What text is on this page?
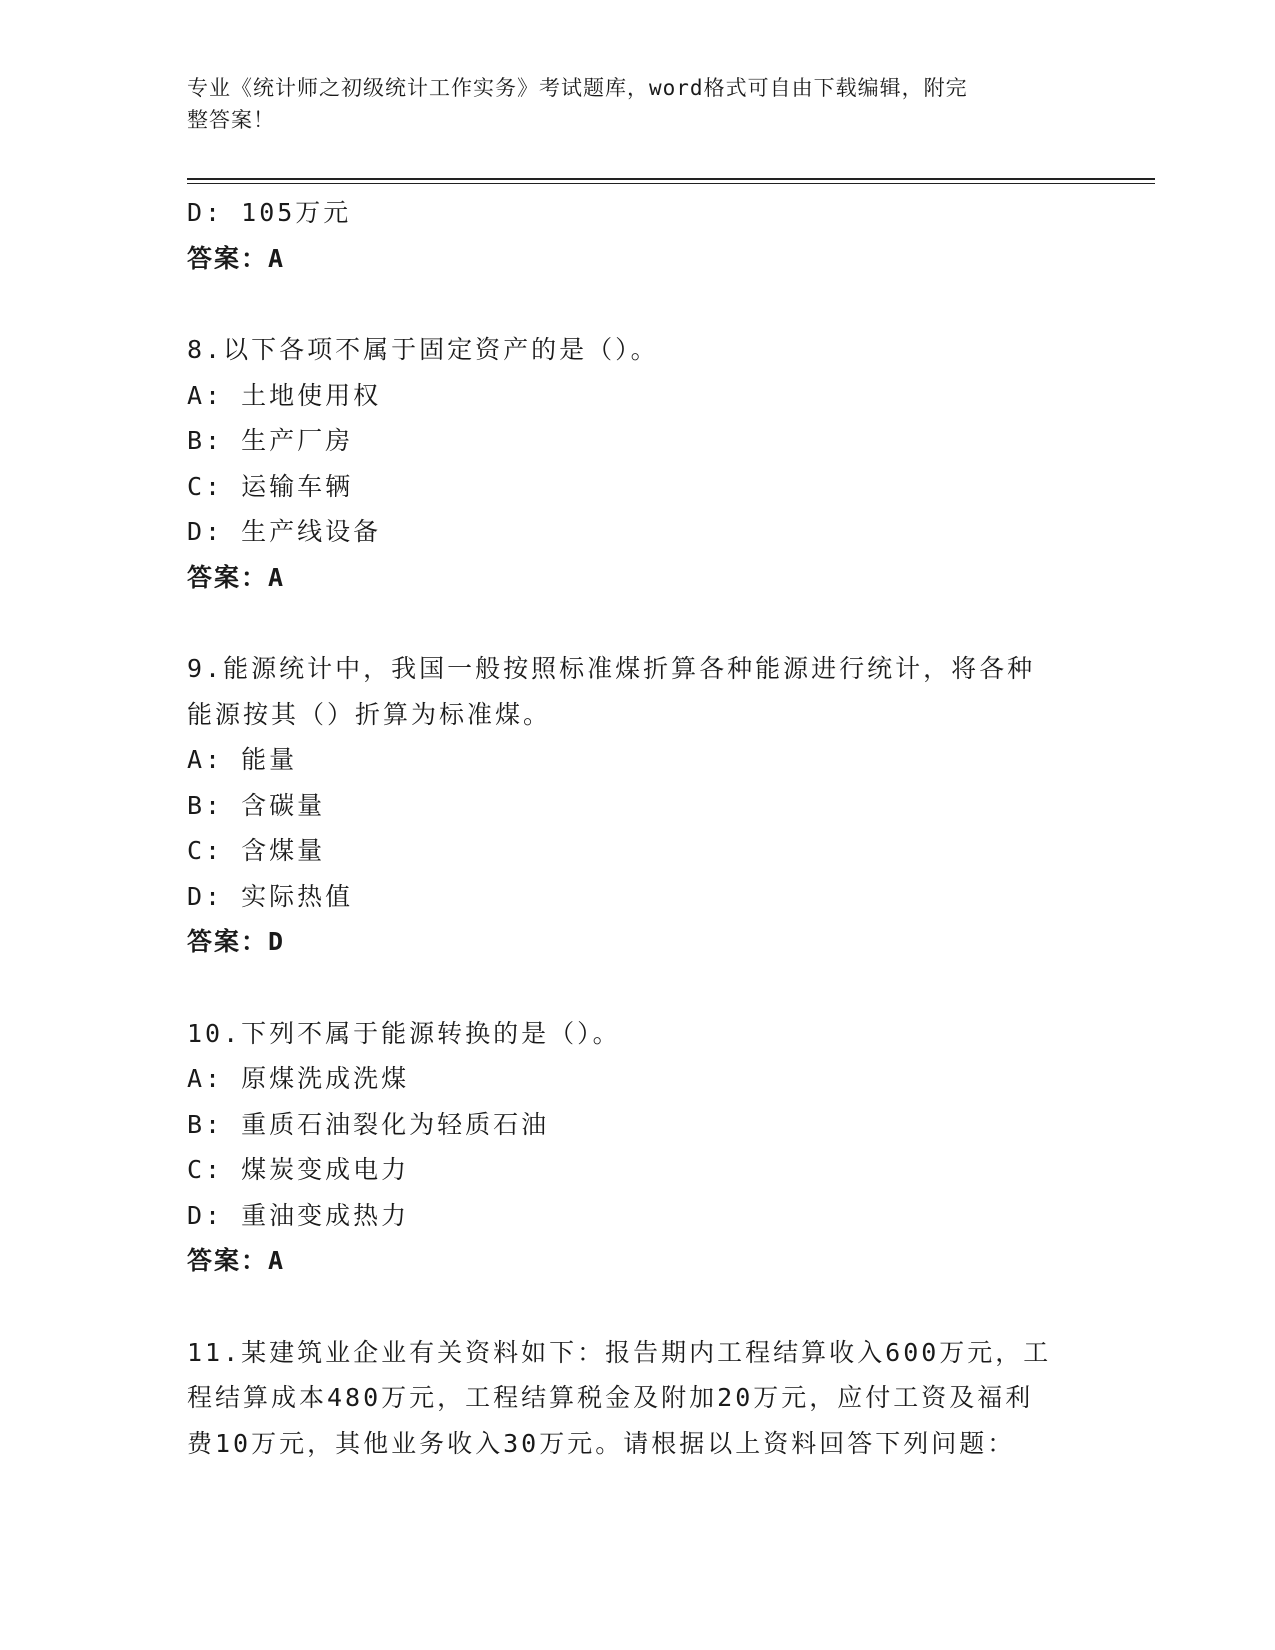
专业《统计师之初级统计工作实务》考试题库，word格式可自由下载编辑，附完
整答案！
D: 105万元
答案：A
8.以下各项不属于固定资产的是（）。
A: 土地使用权
B: 生产厂房
C: 运输车辆
D: 生产线设备
答案：A
9.能源统计中，我国一般按照标准煤折算各种能源进行统计，将各种
能源按其（）折算为标准煤。
A: 能量
B: 含碳量
C: 含煤量
D: 实际热值
答案：D
10.下列不属于能源转换的是（）。
A: 原煤洗成洗煤
B: 重质石油裂化为轻质石油
C: 煤炭变成电力
D: 重油变成热力
答案：A
11.某建筑业企业有关资料如下：报告期内工程结算收入600万元，工
程结算成本480万元，工程结算税金及附加20万元，应付工资及福利
费10万元，其他业务收入30万元。请根据以上资料回答下列问题：
